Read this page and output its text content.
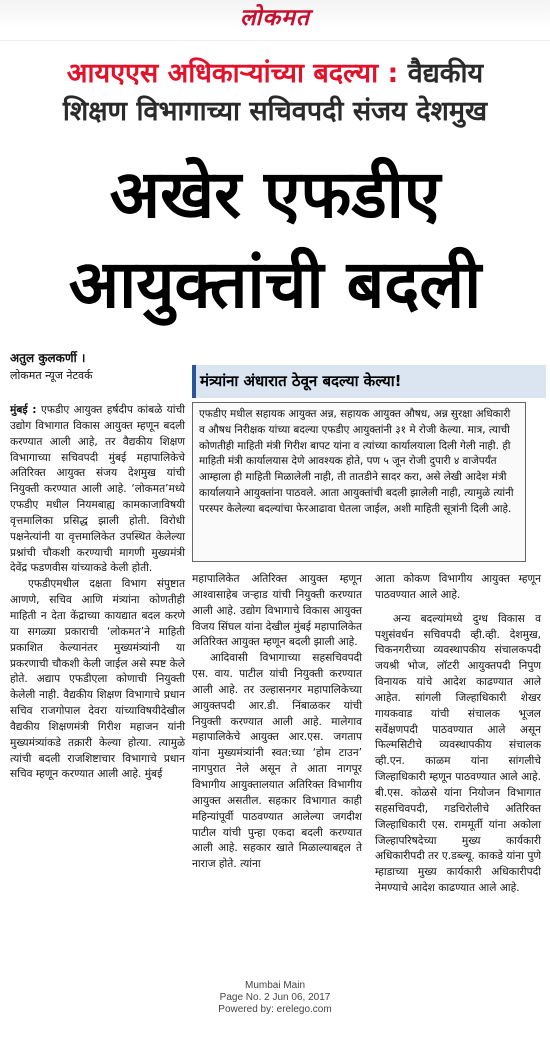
लोकमत
आयएएस अधिकाऱ्यांच्या बदल्या : वैद्यकीय
शिक्षण विभागाच्या सचिवपदी संजय देशमुख
अखेर एफडीए
आयुक्तांची बदली
अतुल कुलकर्णी ।
लोकमत न्यूज नेटवर्क	मंत्र्यांना अंधारात ठेवून बदल्या केल्या!

एफडीए मधील सहायक आयुक्त अन्न, सहायक आयुक्त औषध, अन्न सुरक्षा अधिकारी व औषध निरीक्षक यांच्या बदल्या एफडीए आयुक्तांनी ३१ मे रोजी केल्या. मात्र, त्याची कोणतीही माहिती मंत्री गिरीश बापट यांना व त्यांच्या कार्यालयाला दिली गेली नाही. ही माहिती मंत्री कार्यालयास देणे आवश्यक होते, पण ५ जून रोजी दुपारी ४ वाजेपर्यंत आम्हाला ही माहिती मिळालेली नाही, ती तातडीने सादर करा, असे लेखी आदेश मंत्री कार्यालयाने आयुक्तांना पाठवले. आता आयुक्तांची बदली झालेली नाही, त्यामुळे त्यांनी परस्पर केलेल्या बदल्यांचा फेरआढावा घेतला जाईल, अशी माहिती सूत्रांनी दिली आहे.

मुंबई : एफडीए आयुक्त हर्षदीप कांबळे यांची उद्योग विभागात विकास आयुक्त म्हणून बदली करण्यात आली आहे, तर वैद्यकीय शिक्षण विभागाच्या सचिवपदी मुंबई महापालिकेचे अतिरिक्त आयुक्त संजय देशमुख यांची नियुक्ती करण्यात आली आहे. ‘लोकमत’मध्ये एफडीए मधील नियमबाह्य कामकाजाविषयी वृत्तमालिका प्रसिद्ध झाली होती. विरोधी पक्षनेत्यांनी या वृत्तमालिकेत उपस्थित केलेल्या प्रश्नांची चौकशी करण्याची मागणी मुख्यमंत्री देवेंद्र फडणवीस यांच्याकडे केली होती.

एफडीएमधील दक्षता विभाग संपुष्टात आणणे, सचिव आणि मंत्र्यांना कोणतीही माहिती न देता केंद्राच्या कायद्यात बदल करणे या सगळ्या प्रकाराची ‘लोकमत’ने माहिती प्रकाशित केल्यानंतर मुख्यमंत्र्यांनी या प्रकरणाची चौकशी केली जाईल असे स्पष्ट केले होते. अद्याप एफडीएला कोणाची नियुक्ती केलेली नाही. वैद्यकीय शिक्षण विभागाचे प्रधान सचिव राजगोपाल देवरा यांच्याविषयीदेखील वैद्यकीय शिक्षणमंत्री गिरीश महाजन यांनी मुख्यमंत्र्यांकडे तक्रारी केल्या होत्या. त्यामुळे त्यांची बदली राजशिष्टाचार विभागाचे प्रधान सचिव म्हणून करण्यात आली आहे. मुंबई

महापालिकेत अतिरिक्त आयुक्त म्हणून आश्वासाहेब जऱ्हाड यांची नियुक्ती करण्यात आली आहे. उद्योग विभागाचे विकास आयुक्त विजय सिंघल यांना देखील मुंबई महापालिकेत अतिरिक्त आयुक्त म्हणून बदली झाली आहे.

आदिवासी विभागाच्या सहसचिवपदी एस. वाय. पाटील यांची नियुक्ती करण्यात आली आहे. तर उल्हासनगर महापालिकेच्या आयुक्तपदी आर.डी. निंबाळकर यांची नियुक्ती करण्यात आली आहे. मालेगाव महापालिकेचे आयुक्त आर.एस. जगताप यांना मुख्यमंत्र्यांनी स्वत:च्या ‘होम टाउन’ नागपुरात नेले असून ते आता नागपूर विभागीय आयुक्तालयात अतिरिक्त विभागीय आयुक्त असतील. सहकार विभागात काही महिन्यांपूर्वी पाठवण्यात आलेल्या जगदीश पाटील यांची पुन्हा एकदा बदली करण्यात आली आहे. सहकार खाते मिळाल्याबद्दल ते नाराज होते. त्यांना

आता कोकण विभागीय आयुक्त म्हणून पाठवण्यात आले आहे.

अन्य बदल्यांमध्ये दुग्ध विकास व पशुसंवर्धन सचिवपदी व्ही.व्ही. देशमुख, चिकनगरीच्या व्यवस्थापकीय संचालकपदी जयश्री भोज, लॉटरी आयुक्तपदी निपुण विनायक यांचे आदेश काढण्यात आले आहेत. सांगली जिल्हाधिकारी शेखर गायकवाड यांची संचालक भूजल सर्वेक्षणपदी पाठवण्यात आले असून फिल्मसिटीचे व्यवस्थापकीय संचालक व्ही.एन. काळम यांना सांगलीचे जिल्हाधिकारी म्हणून पाठवण्यात आले आहे. बी.एस. कोळसे यांना नियोजन विभागात सहसचिवपदी, गडचिरोलीचे अतिरिक्त जिल्हाधिकारी एस. राममूर्ती यांना अकोला जिल्हापरिषदेच्या मुख्य कार्यकारी अधिकारीपदी तर ए.डब्ल्यू. काकडे यांना पुणे म्हाडाच्या मुख्य कार्यकारी अधिकारीपदी नेमण्याचे आदेश काढण्यात आले आहे.

Mumbai Main
Page No. 2 Jun 06, 2017
Powered by: erelego.com
